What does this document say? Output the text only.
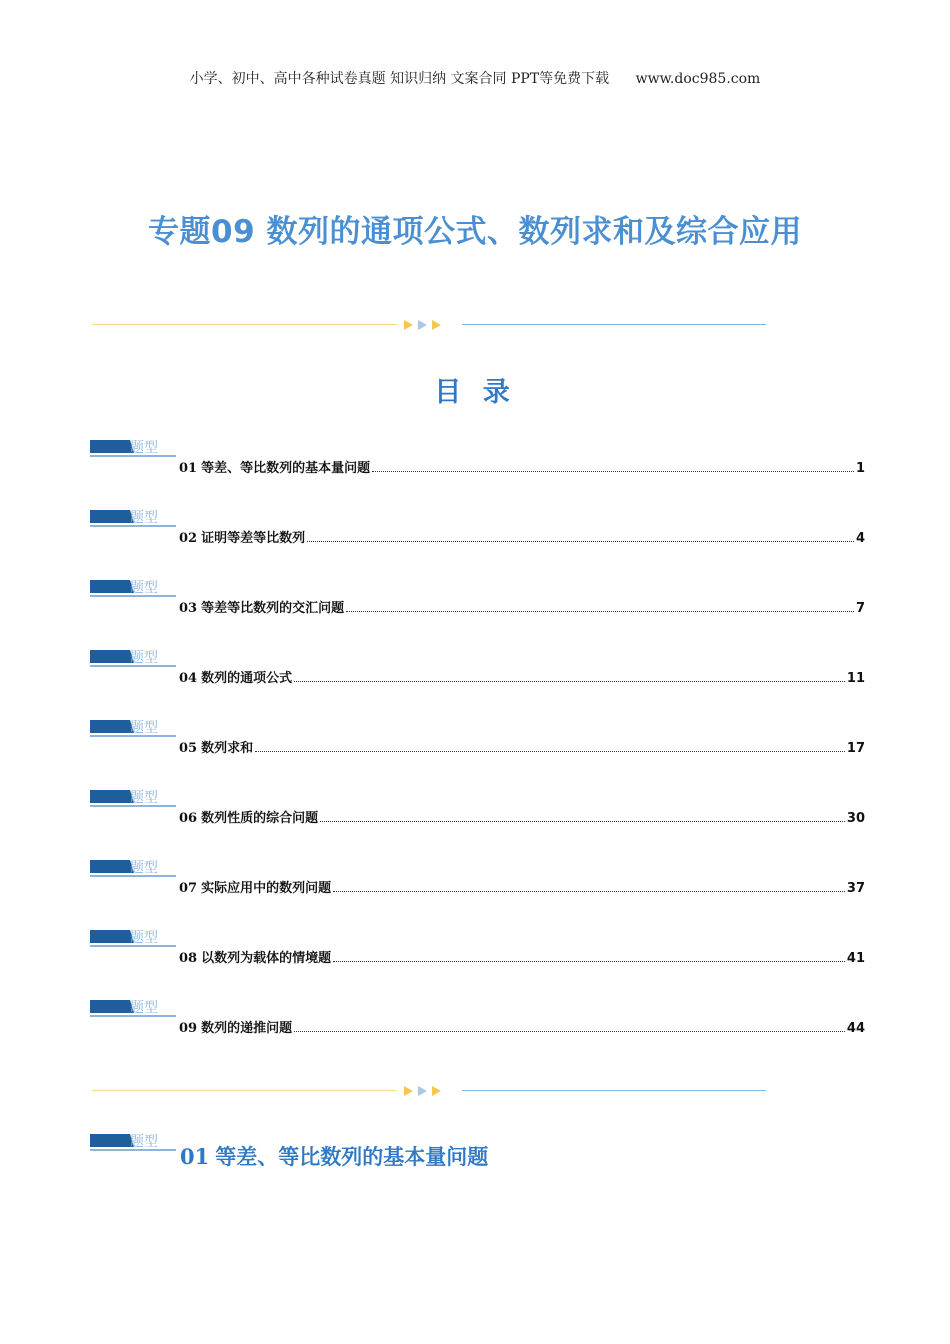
小学、初中、高中各种试卷真题 知识归纳 文案合同 PPT等免费下载 www.doc985.com
专题09 数列的通项公式、数列求和及综合应用
目 录
题型
01 等差、等比数列的基本量问题	1
题型
02 证明等差等比数列	4
题型
03 等差等比数列的交汇问题	7
题型
04 数列的通项公式	11
题型
05 数列求和	17
题型
06 数列性质的综合问题	30
题型
07 实际应用中的数列问题	37
题型
08 以数列为载体的情境题	41
题型
09 数列的递推问题	44
题型
01 等差、等比数列的基本量问题
